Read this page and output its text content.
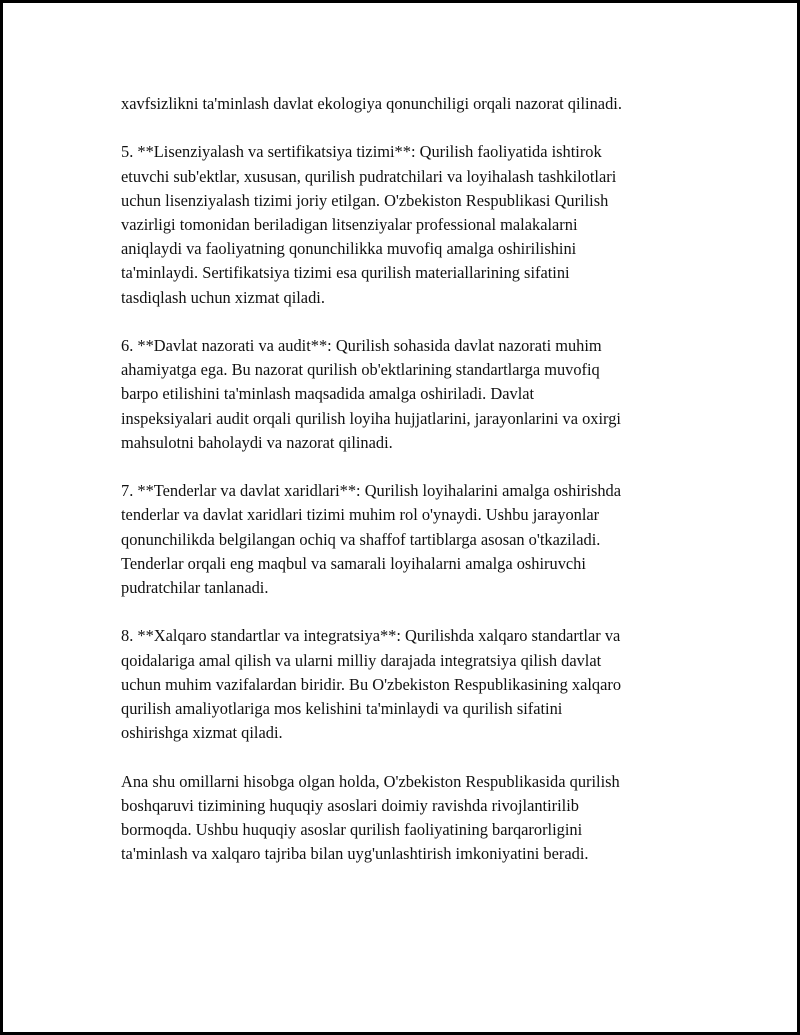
xavfsizlikni ta'minlash davlat ekologiya qonunchiligi orqali nazorat qilinadi.

5. **Lisenziyalash va sertifikatsiya tizimi**: Qurilish faoliyatida ishtirok
etuvchi sub'ektlar, xususan, qurilish pudratchilari va loyihalash tashkilotlari
uchun lisenziyalash tizimi joriy etilgan. O'zbekiston Respublikasi Qurilish
vazirligi tomonidan beriladigan litsenziyalar professional malakalarni
aniqlaydi va faoliyatning qonunchilikka muvofiq amalga oshirilishini
ta'minlaydi. Sertifikatsiya tizimi esa qurilish materiallarining sifatini
tasdiqlash uchun xizmat qiladi.

6. **Davlat nazorati va audit**: Qurilish sohasida davlat nazorati muhim
ahamiyatga ega. Bu nazorat qurilish ob'ektlarining standartlarga muvofiq
barpo etilishini ta'minlash maqsadida amalga oshiriladi. Davlat
inspeksiyalari audit orqali qurilish loyiha hujjatlarini, jarayonlarini va oxirgi
mahsulotni baholaydi va nazorat qilinadi.

7. **Tenderlar va davlat xaridlari**: Qurilish loyihalarini amalga oshirishda
tenderlar va davlat xaridlari tizimi muhim rol o'ynaydi. Ushbu jarayonlar
qonunchilikda belgilangan ochiq va shaffof tartiblarga asosan o'tkaziladi.
Tenderlar orqali eng maqbul va samarali loyihalarni amalga oshiruvchi
pudratchilar tanlanadi.

8. **Xalqaro standartlar va integratsiya**: Qurilishda xalqaro standartlar va
qoidalariga amal qilish va ularni milliy darajada integratsiya qilish davlat
uchun muhim vazifalardan biridir. Bu O'zbekiston Respublikasining xalqaro
qurilish amaliyotlariga mos kelishini ta'minlaydi va qurilish sifatini
oshirishga xizmat qiladi.

Ana shu omillarni hisobga olgan holda, O'zbekiston Respublikasida qurilish
boshqaruvi tizimining huquqiy asoslari doimiy ravishda rivojlantirilib
bormoqda. Ushbu huquqiy asoslar qurilish faoliyatining barqarorligini
ta'minlash va xalqaro tajriba bilan uyg'unlashtirish imkoniyatini beradi.
